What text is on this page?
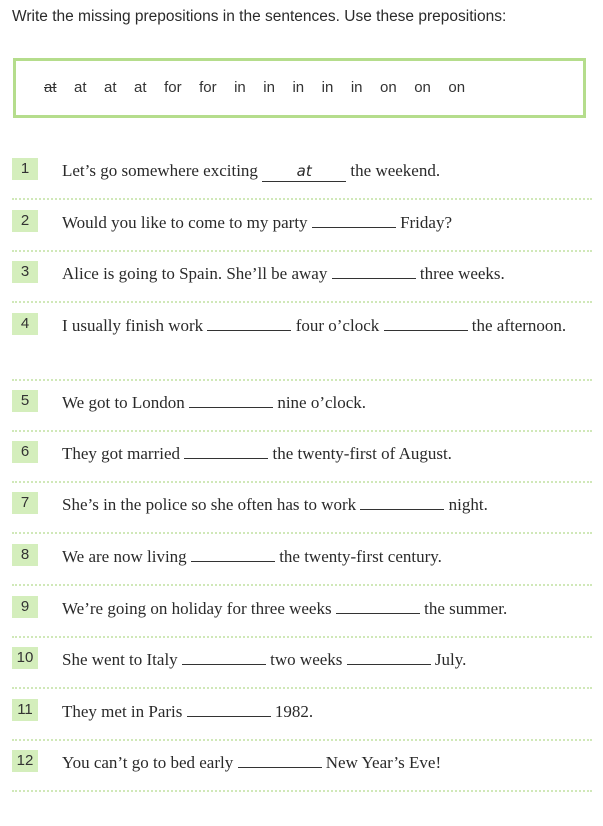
Write the missing prepositions in the sentences. Use these prepositions:
at at at at for for in in in in in on on on
1	Let’s go somewhere exciting at the weekend.
2	Would you like to come to my party	Friday?
3	Alice is going to Spain. She’ll be away	three weeks.
4	I usually finish work	four o’clock	the afternoon.
5	We got to London	nine o’clock.
6	They got married	the twenty-first of August.
7	She’s in the police so she often has to work	night.
8	We are now living	the twenty-first century.
9	We’re going on holiday for three weeks	the summer.
10 She went to Italy	two weeks	July.
11	They met in Paris	1982.
12 You can’t go to bed early	New Year’s Eve!
